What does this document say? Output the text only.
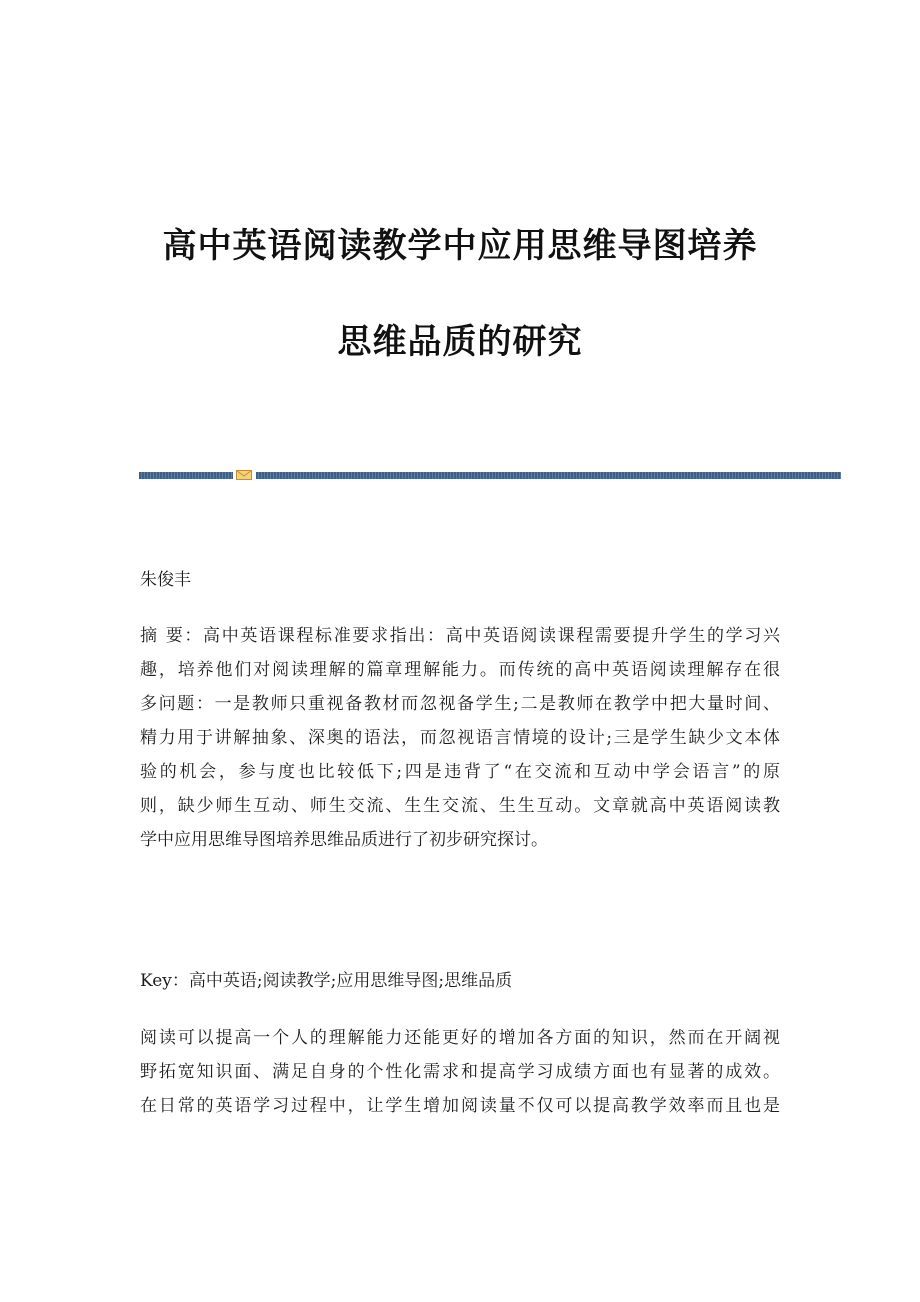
高中英语阅读教学中应用思维导图培养
思维品质的研究
朱俊丰
摘 要：高中英语课程标准要求指出：高中英语阅读课程需要提升学生的学习兴
趣，培养他们对阅读理解的篇章理解能力。而传统的高中英语阅读理解存在很
多问题：一是教师只重视备教材而忽视备学生;二是教师在教学中把大量时间、
精力用于讲解抽象、深奥的语法，而忽视语言情境的设计;三是学生缺少文本体
验的机会，参与度也比较低下;四是违背了“在交流和互动中学会语言”的原
则，缺少师生互动、师生交流、生生交流、生生互动。文章就高中英语阅读教
学中应用思维导图培养思维品质进行了初步研究探讨。
Key：高中英语;阅读教学;应用思维导图;思维品质
阅读可以提高一个人的理解能力还能更好的增加各方面的知识，然而在开阔视
野拓宽知识面、满足自身的个性化需求和提高学习成绩方面也有显著的成效。
在日常的英语学习过程中，让学生增加阅读量不仅可以提高教学效率而且也是
